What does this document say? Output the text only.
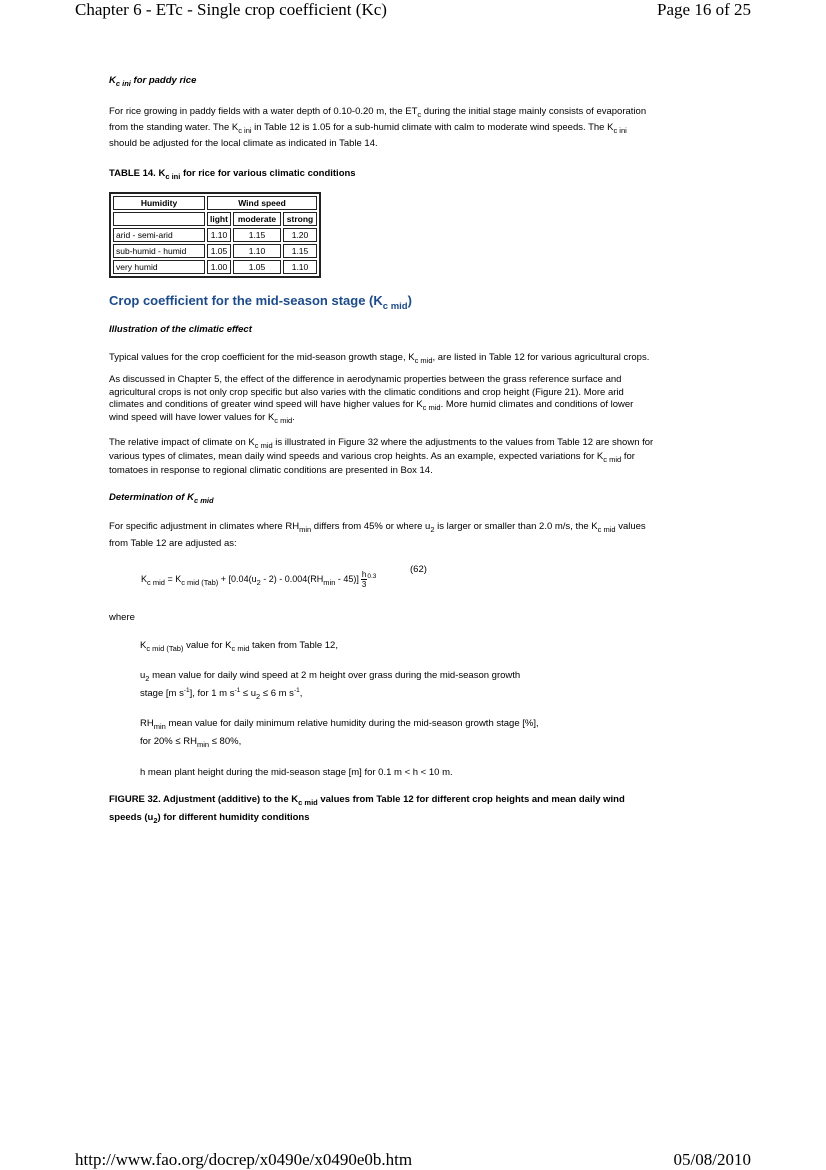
Chapter 6 - ETc - Single crop coefficient (Kc)	Page 16 of 25

$K_{c ini}$ for paddy rice

For rice growing in paddy fields with a water depth of 0.10-0.20 m, the $ET_c$ during the initial stage mainly consists of evaporation from the standing water. The $K_{c ini}$ in Table 12 is 1.05 for a sub-humid climate with calm to moderate wind speeds. The $K_{c ini}$ should be adjusted for the local climate as indicated in Table 14.

TABLE 14. $K_{c ini}$ for rice for various climatic conditions

Humidity	Wind speed		
	light	moderate	strong
arid - semi-arid	1.10	1.15	1.20
sub-humid - humid	1.05	1.10	1.15
very humid	1.00	1.05	1.10

Crop coefficient for the mid-season stage $(K_{c mid})$

Illustration of the climatic effect

Typical values for the crop coefficient for the mid-season growth stage, $K_{c mid}$, are listed in Table 12 for various agricultural crops.

As discussed in Chapter 5, the effect of the difference in aerodynamic properties between the grass reference surface and agricultural crops is not only crop specific but also varies with the climatic conditions and crop height (Figure 21). More arid climates and conditions of greater wind speed will have higher values for $K_{c mid}$. More humid climates and conditions of lower wind speed will have lower values for $K_{c mid}$.

The relative impact of climate on $K_{c mid}$ is illustrated in Figure 32 where the adjustments to the values from Table 12 are shown for various types of climates, mean daily wind speeds and various crop heights. As an example, expected variations for $K_{c mid}$ for tomatoes in response to regional climatic conditions are presented in Box 14.

Determination of $K_{c mid}$

For specific adjustment in climates where $RH_{min}$ differs from 45% or where $u_2$ is larger or smaller than 2.0 m/s, the $K_{c mid}$ values from Table 12 are adjusted as:

$K_{c mid} = K_{c mid (Tab)} + [0.04(u_2 - 2) - 0.004(RH_{min} - 45)] \frac{h}{3} ^{0.3}$
(62)

where

$K_{c mid (Tab)}$ value for $K_{c mid}$ taken from Table 12,

$u_2$ mean value for daily wind speed at 2 m height over grass during the mid-season growth
stage [m $s^{-1}$], for 1 m $s^{-1} \le u_2 \le 6$ m $s^{-1}$,

$RH_{min}$ mean value for daily minimum relative humidity during the mid-season growth stage [%],
for $20\% \le RH_{min} \le 80\%$,

h mean plant height during the mid-season stage [m] for 0.1 m < h < 10 m.

FIGURE 32. Adjustment (additive) to the $K_{c mid}$ values from Table 12 for different crop heights and mean daily wind speeds $(u_2)$ for different humidity conditions

http://www.fao.org/docrep/x0490e/x0490e0b.htm	05/08/2010
